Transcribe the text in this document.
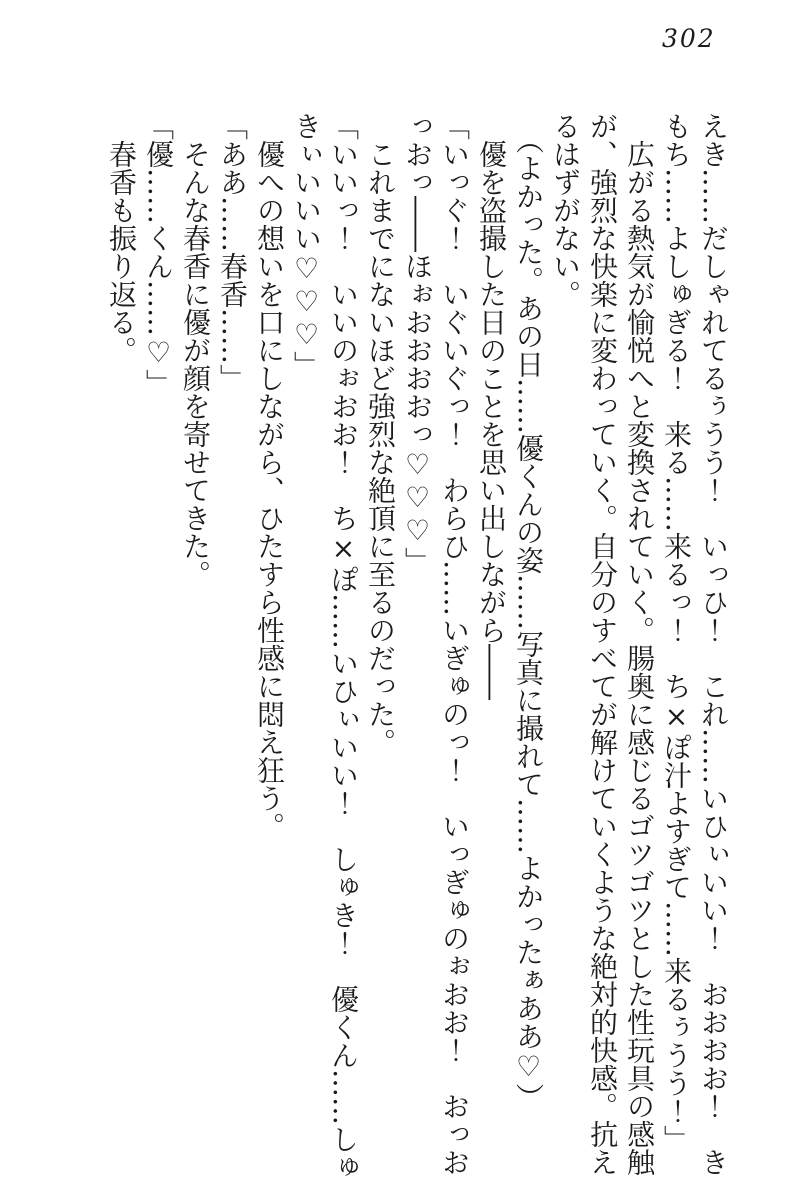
302

えき……だしゃれてるぅうう！　いっひ！　これ……いひぃいい！　おおおお！　き

もち……よしゅぎる！　来る……来るっ！　ち×ぽ汁よすぎて……来るぅうう！」

　広がる熱気が愉悦へと変換されていく。腸奥に感じるゴツゴツとした性玩具の感触

が、強烈な快楽に変わっていく。自分のすべてが解けていくような絶対的快感。抗え

るはずがない。

　（よかった。あの日……優くんの姿……写真に撮れて……よかったぁああ♡）

　優を盗撮した日のことを思い出しながら――

「いっぐ！　いぐいぐっ！　わらひ……いぎゅのっ！　いっぎゅのぉおお！　おっお

っおっ――ほぉおおおおっ♡♡♡」

　これまでにないほど強烈な絶頂に至るのだった。

「いいっ！　いいのぉおお！　ち×ぽ……いひぃいい！　しゅき！　優くん……しゅ

きぃいいい♡♡♡」

　優への想いを口にしながら、ひたすら性感に悶え狂う。

「ああ……春香……」

　そんな春香に優が顔を寄せてきた。

「優……くん……♡」

　春香も振り返る。
